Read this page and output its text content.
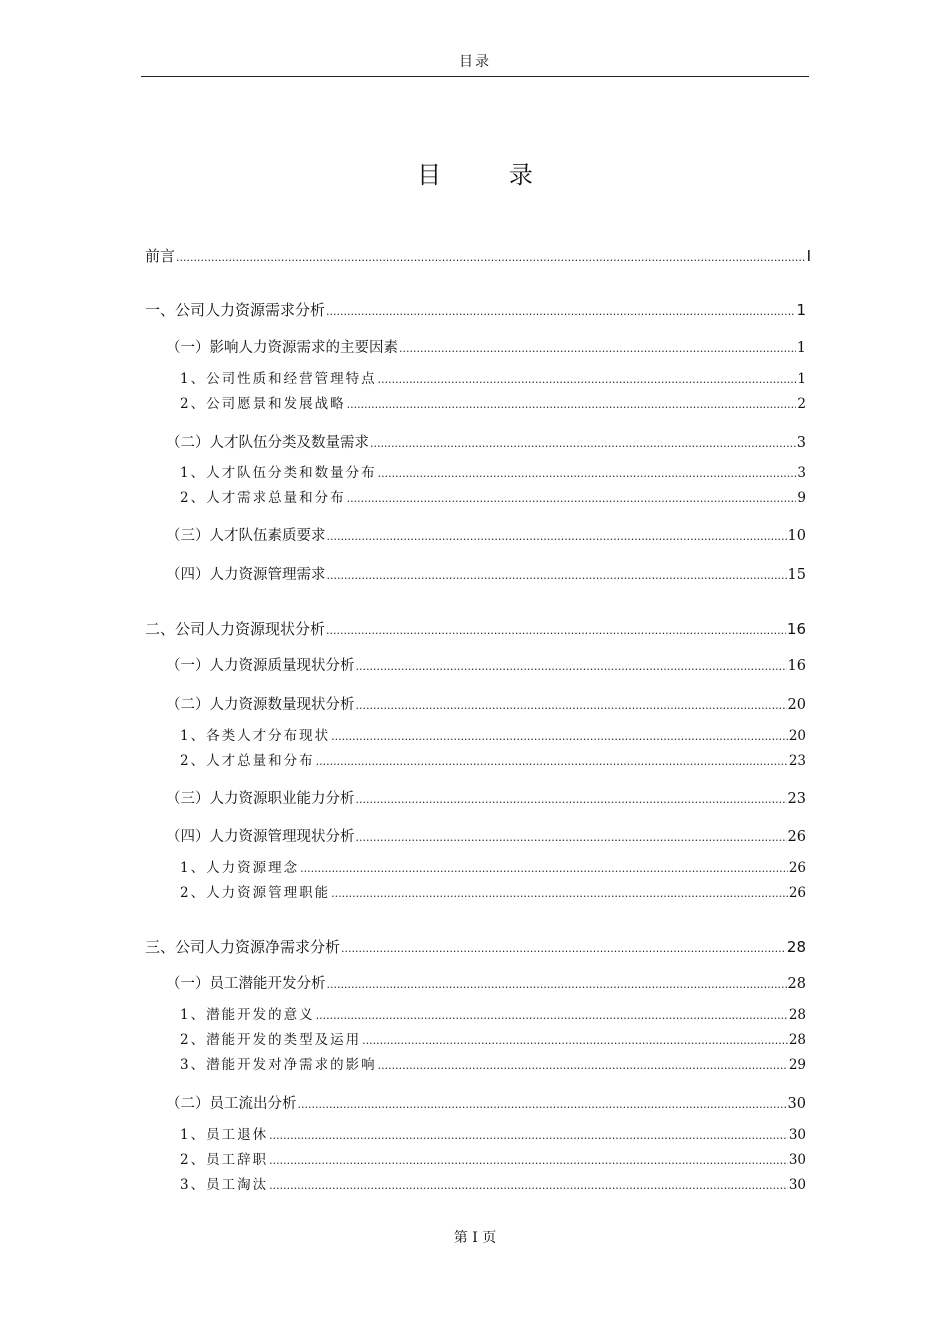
目录
目	录
前言 .....	I
一、公司人力资源需求分析 .....	1
（一）影响人力资源需求的主要因素 .....	1
1、公司性质和经营管理特点 .....	1
2、公司愿景和发展战略 .....	2
（二）人才队伍分类及数量需求 .....	3
1、人才队伍分类和数量分布 .....	3
2、人才需求总量和分布 .....	9
（三）人才队伍素质要求 .....	10
（四）人力资源管理需求 .....	15
二、公司人力资源现状分析 .....	16
（一）人力资源质量现状分析 .....	16
（二）人力资源数量现状分析 .....	20
1、各类人才分布现状 .....	20
2、人才总量和分布 .....	23
（三）人力资源职业能力分析 .....	23
（四）人力资源管理现状分析 .....	26
1、人力资源理念 .....	26
2、人力资源管理职能 .....	26
三、公司人力资源净需求分析 .....	28
（一）员工潜能开发分析 .....	28
1、潜能开发的意义 .....	28
2、潜能开发的类型及运用 .....	28
3、潜能开发对净需求的影响 .....	29
（二）员工流出分析 .....	30
1、员工退休 .....	30
2、员工辞职 .....	30
3、员工淘汰 .....	30
第 I 页
